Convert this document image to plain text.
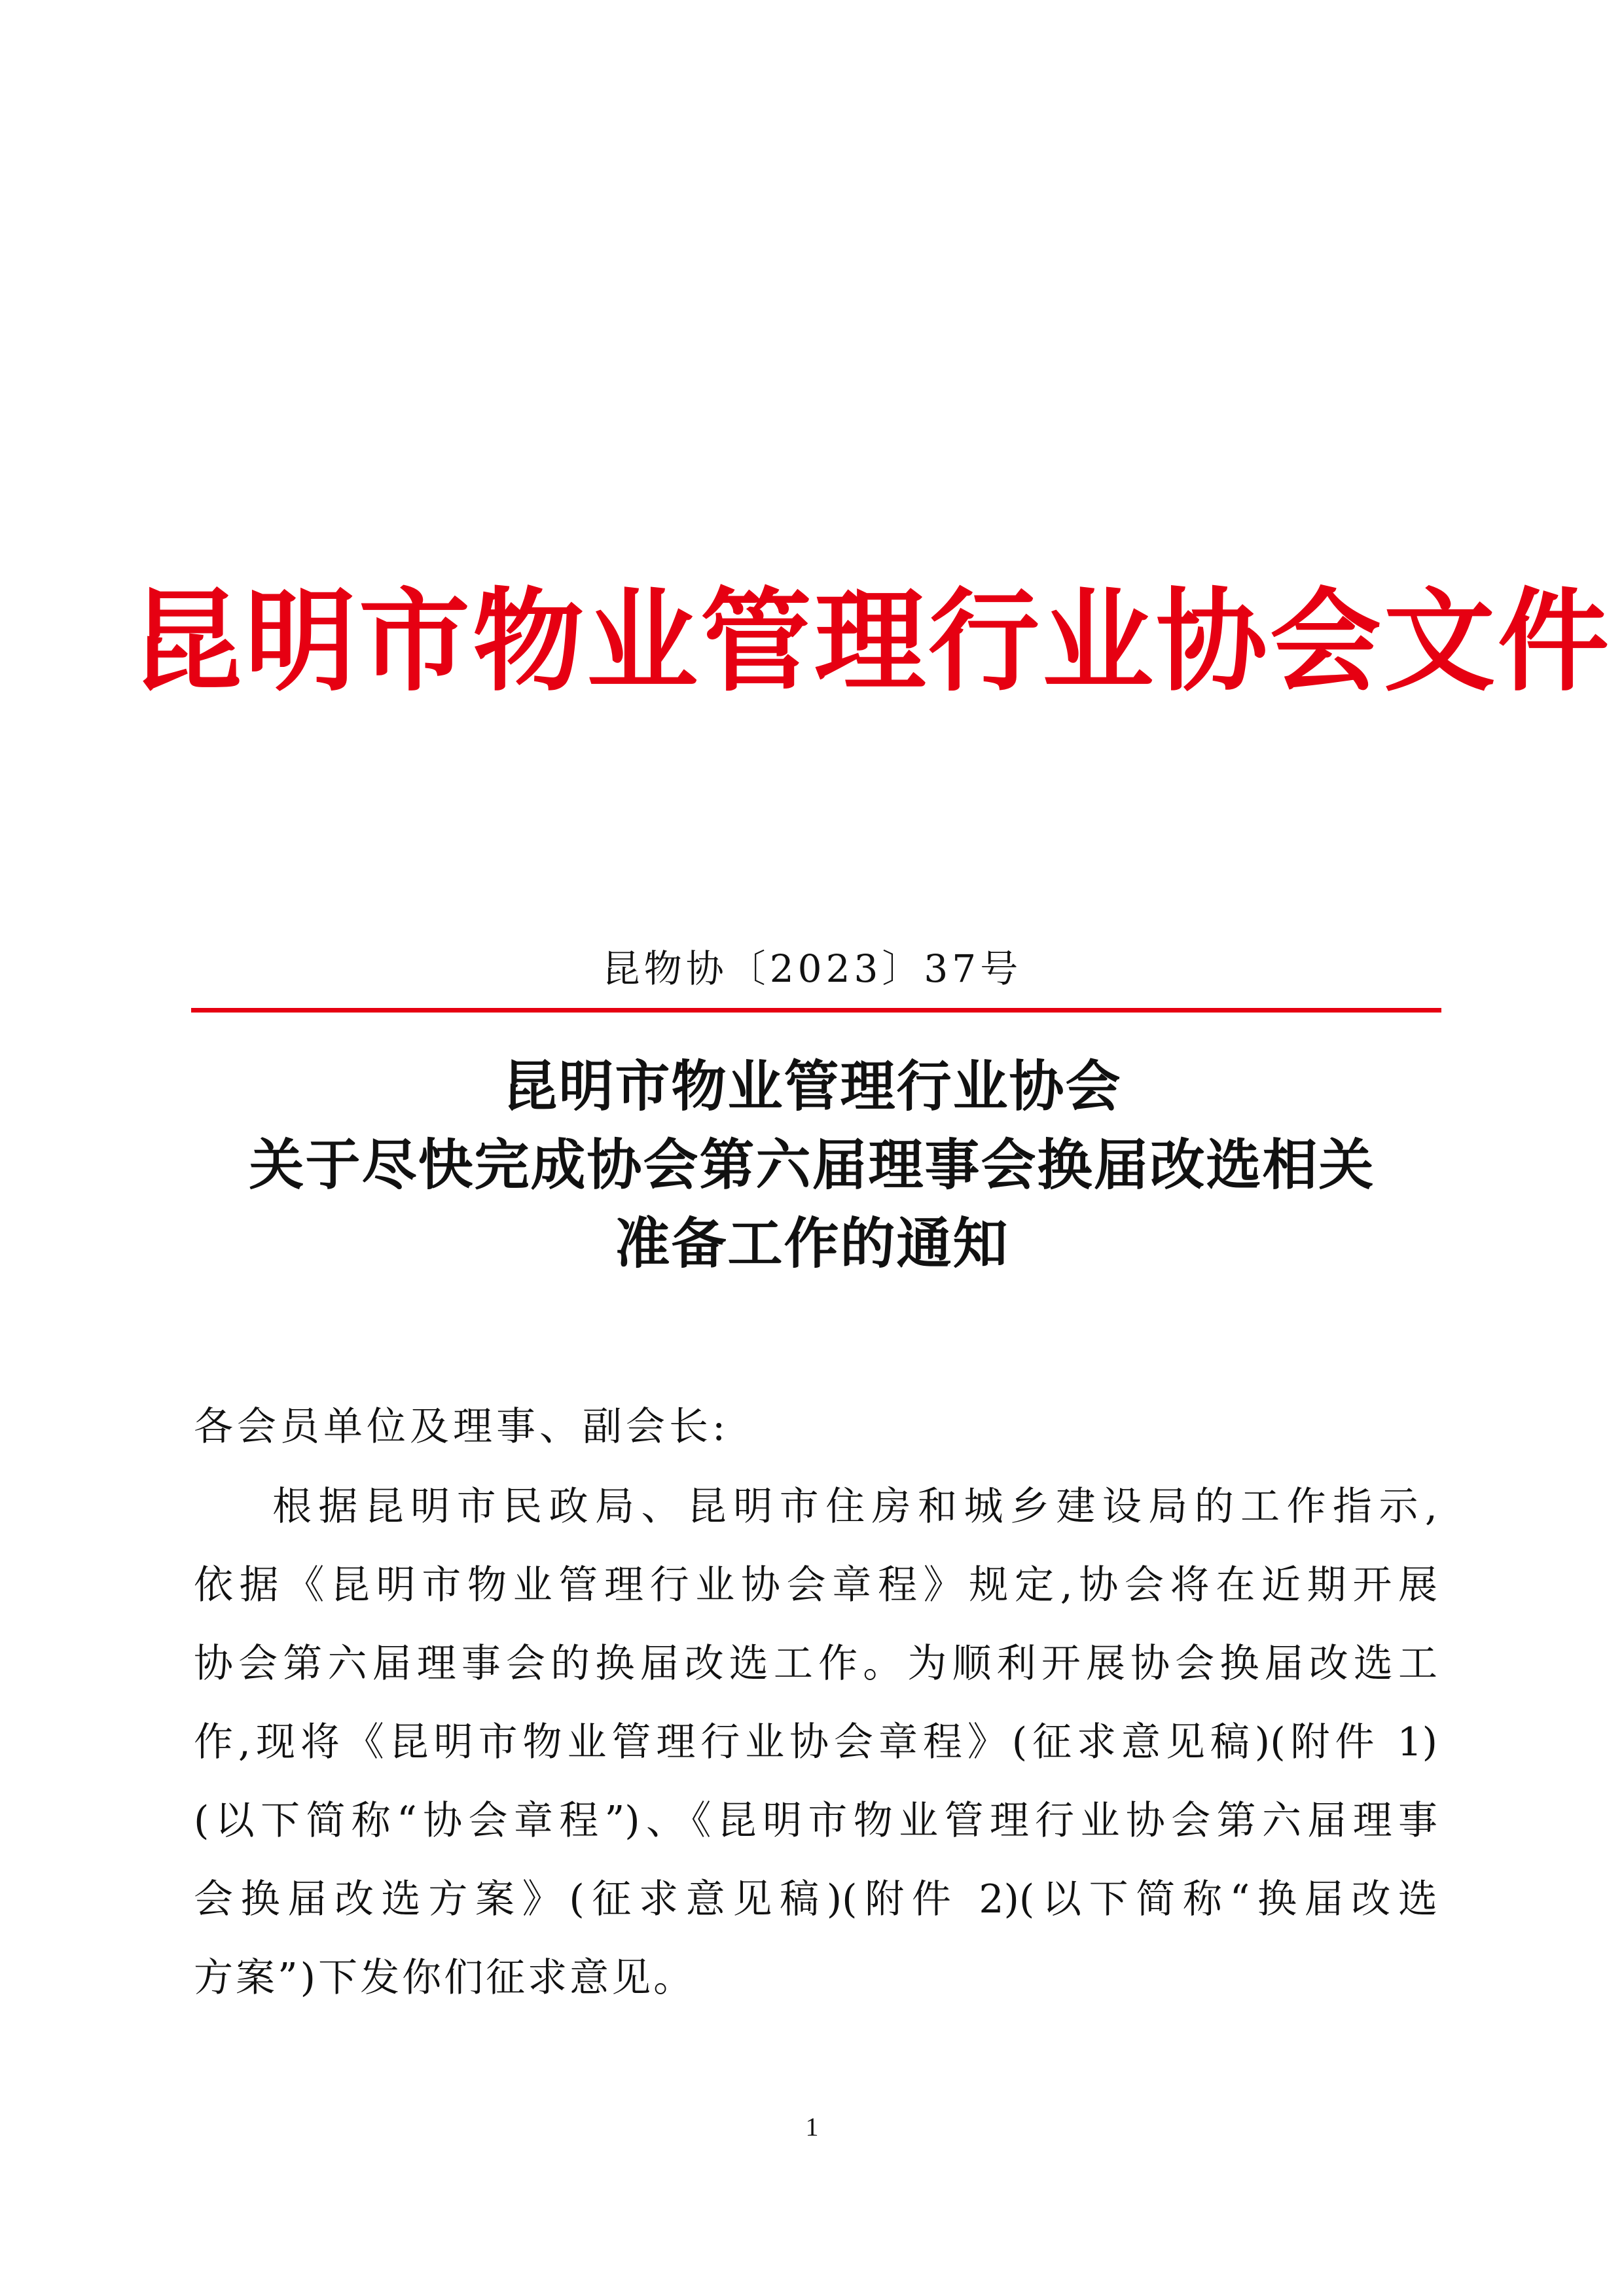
昆明市物业管理行业协会文件
昆物协〔2023〕37号
昆明市物业管理行业协会
关于尽快完成协会第六届理事会换届改选相关
准备工作的通知
各会员单位及理事、副会长:
根据昆明市民政局、昆明市住房和城乡建设局的工作指示,
依据《昆明市物业管理行业协会章程》规定,协会将在近期开展
协会第六届理事会的换届改选工作。为顺利开展协会换届改选工
作,现将《昆明市物业管理行业协会章程》(征求意见稿)(附件 1)
(以下简称“协会章程”)、《昆明市物业管理行业协会第六届理事
会换届改选方案》(征求意见稿)(附件 2)(以下简称“换届改选
方案”)下发你们征求意见。
1
